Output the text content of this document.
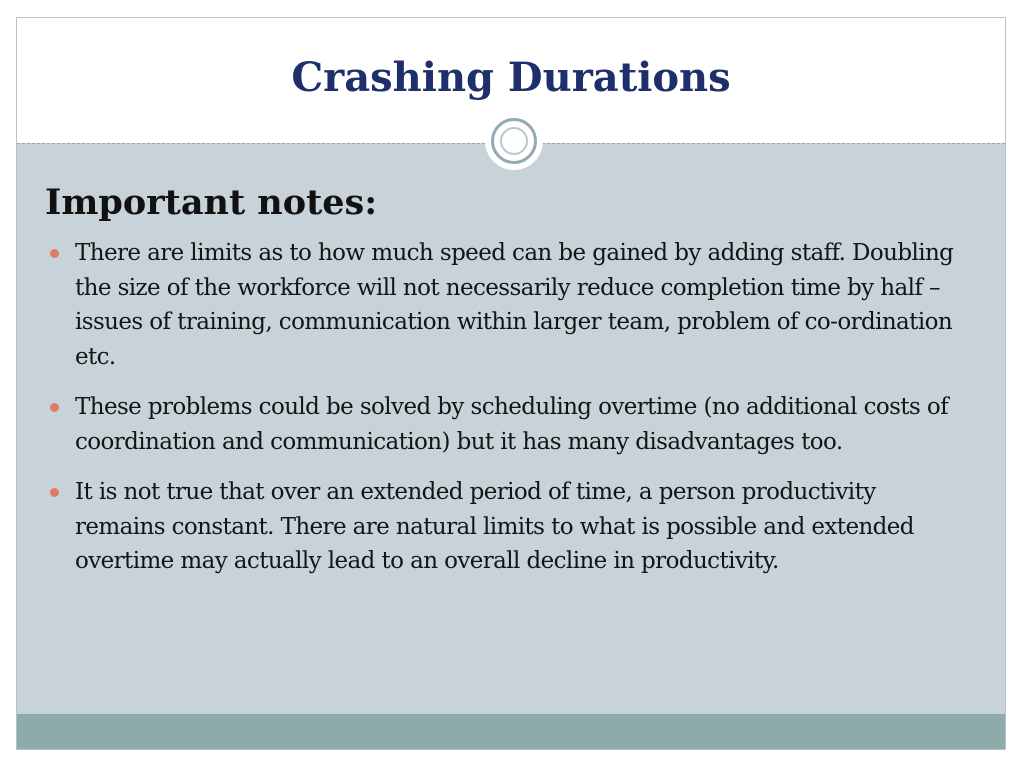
Crashing Durations
Important notes:
There are limits as to how much speed can be gained by adding staff. Doubling the size of the workforce will not necessarily reduce completion time by half – issues of training, communication within larger team, problem of co-ordination etc.
These problems could be solved by scheduling overtime (no additional costs of coordination and communication) but it has many disadvantages too.
It is not true that over an extended period of time, a person productivity remains constant. There are natural limits to what is possible and extended overtime may actually lead to an overall decline in productivity.
